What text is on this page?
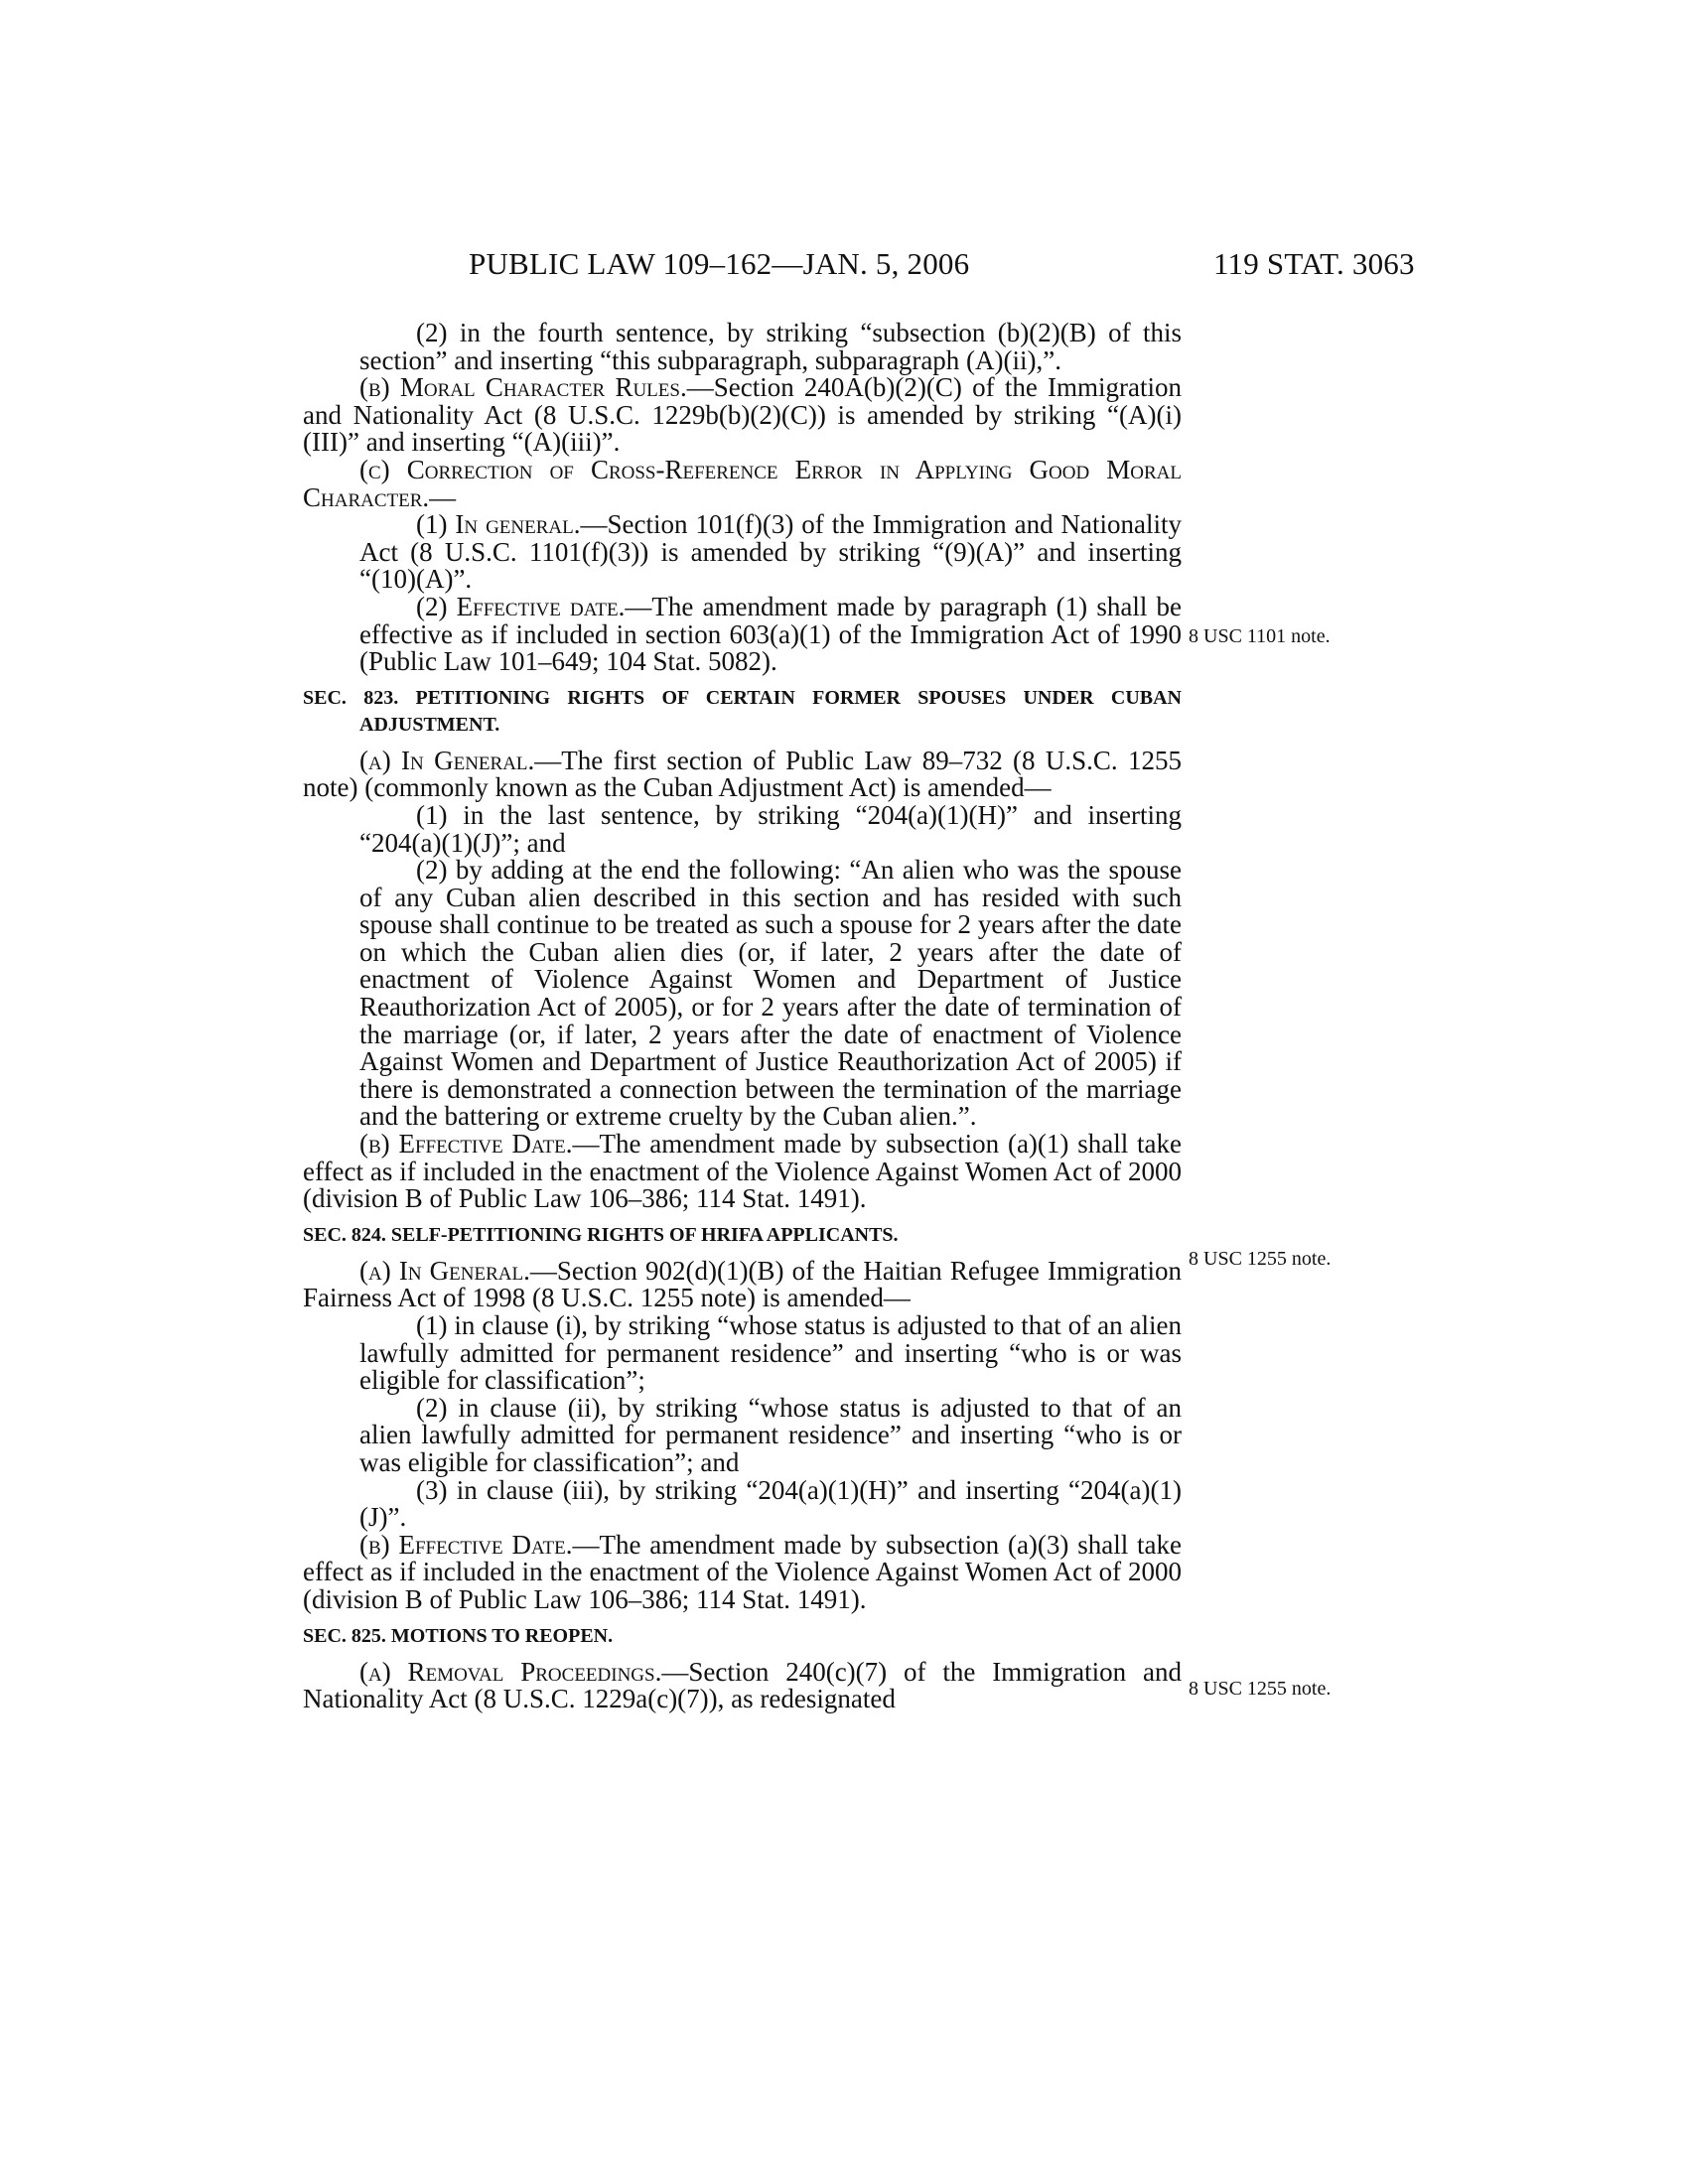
PUBLIC LAW 109–162—JAN. 5, 2006	119 STAT. 3063

(2) in the fourth sentence, by striking “subsection (b)(2)(B) of this section” and inserting “this subparagraph, subparagraph (A)(ii),”.

(b) Moral Character Rules.—Section 240A(b)(2)(C) of the Immigration and Nationality Act (8 U.S.C. 1229b(b)(2)(C)) is amended by striking “(A)(i)(III)” and inserting “(A)(iii)”.

(c) Correction of Cross-Reference Error in Applying Good Moral Character.—

(1) In general.—Section 101(f)(3) of the Immigration and Nationality Act (8 U.S.C. 1101(f)(3)) is amended by striking “(9)(A)” and inserting “(10)(A)”.

(2) Effective date.—The amendment made by paragraph (1) shall be effective as if included in section 603(a)(1) of the Immigration Act of 1990 (Public Law 101–649; 104 Stat. 5082).

SEC. 823. PETITIONING RIGHTS OF CERTAIN FORMER SPOUSES UNDER CUBAN ADJUSTMENT.

(a) In General.—The first section of Public Law 89–732 (8 U.S.C. 1255 note) (commonly known as the Cuban Adjustment Act) is amended—

(1) in the last sentence, by striking “204(a)(1)(H)” and inserting “204(a)(1)(J)”; and

(2) by adding at the end the following: “An alien who was the spouse of any Cuban alien described in this section and has resided with such spouse shall continue to be treated as such a spouse for 2 years after the date on which the Cuban alien dies (or, if later, 2 years after the date of enactment of Violence Against Women and Department of Justice Reauthorization Act of 2005), or for 2 years after the date of termination of the marriage (or, if later, 2 years after the date of enactment of Violence Against Women and Department of Justice Reauthorization Act of 2005) if there is demonstrated a connection between the termination of the marriage and the battering or extreme cruelty by the Cuban alien.”.

(b) Effective Date.—The amendment made by subsection (a)(1) shall take effect as if included in the enactment of the Violence Against Women Act of 2000 (division B of Public Law 106–386; 114 Stat. 1491).

SEC. 824. SELF-PETITIONING RIGHTS OF HRIFA APPLICANTS.

(a) In General.—Section 902(d)(1)(B) of the Haitian Refugee Immigration Fairness Act of 1998 (8 U.S.C. 1255 note) is amended—

(1) in clause (i), by striking “whose status is adjusted to that of an alien lawfully admitted for permanent residence” and inserting “who is or was eligible for classification”;

(2) in clause (ii), by striking “whose status is adjusted to that of an alien lawfully admitted for permanent residence” and inserting “who is or was eligible for classification”; and

(3) in clause (iii), by striking “204(a)(1)(H)” and inserting “204(a)(1)(J)”.

(b) Effective Date.—The amendment made by subsection (a)(3) shall take effect as if included in the enactment of the Violence Against Women Act of 2000 (division B of Public Law 106–386; 114 Stat. 1491).

SEC. 825. MOTIONS TO REOPEN.

(a) Removal Proceedings.—Section 240(c)(7) of the Immigration and Nationality Act (8 U.S.C. 1229a(c)(7)), as redesignated

8 USC 1101 note.
8 USC 1255 note.
8 USC 1255 note.
